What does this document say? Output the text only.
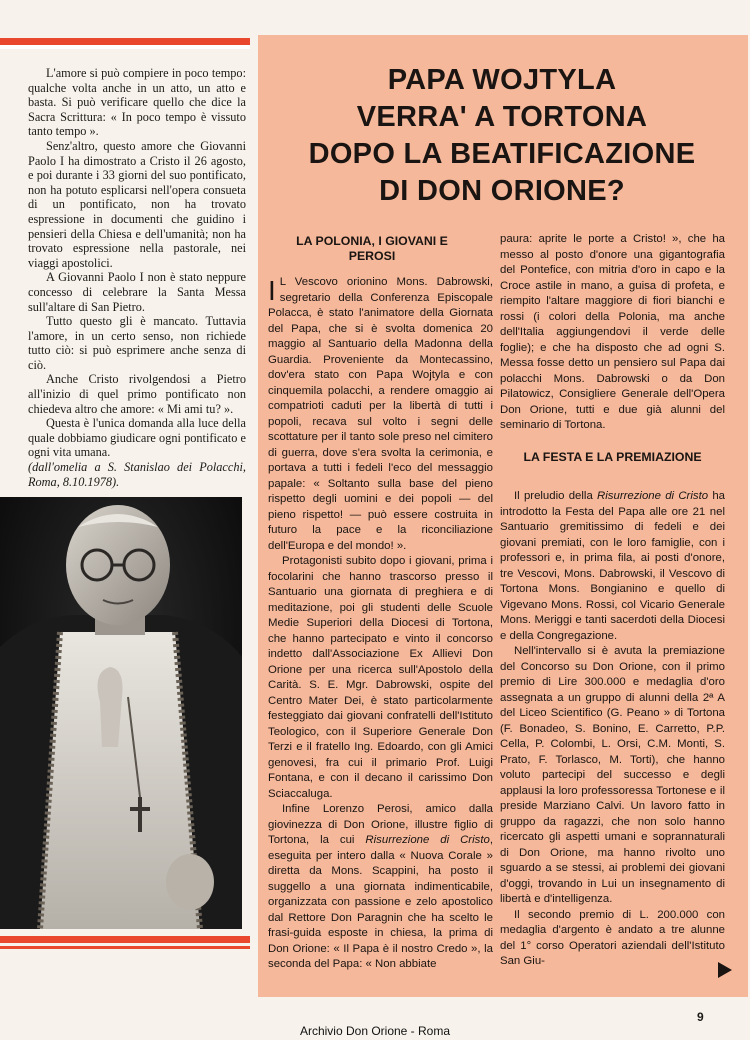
L'amore si può compiere in poco tempo: qualche volta anche in un atto, un atto e basta. Si può verificare quello che dice la Sacra Scrittura: « In poco tempo è vissuto tanto tempo ».

Senz'altro, questo amore che Giovanni Paolo I ha dimostrato a Cristo il 26 agosto, e poi durante i 33 giorni del suo pontificato, non ha potuto esplicarsi nell'opera consueta di un pontificato, non ha trovato espressione in documenti che guidino i pensieri della Chiesa e dell'umanità; non ha trovato espressione nella pastorale, nei viaggi apostolici.

A Giovanni Paolo I non è stato neppure concesso di celebrare la Santa Messa sull'altare di San Pietro.

Tutto questo gli è mancato. Tuttavia l'amore, in un certo senso, non richiede tutto ciò: si può esprimere anche senza di ciò.

Anche Cristo rivolgendosi a Pietro all'inizio di quel primo pontificato non chiedeva altro che amore: « Mi ami tu? ».

Questa è l'unica domanda alla luce della quale dobbiamo giudicare ogni pontificato e ogni vita umana.

(dall'omelia a S. Stanislao dei Polacchi, Roma, 8.10.1978).

PAPA WOJTYLA
VERRA' A TORTONA
DOPO LA BEATIFICAZIONE
DI DON ORIONE?
LA POLONIA, I GIOVANI E PEROSI

I L Vescovo orionino Mons. Dabrowski, segretario della Conferenza Episcopale Polacca, è stato l'animatore della Giornata del Papa, che si è svolta domenica 20 maggio al Santuario della Madonna della Guardia. Proveniente da Montecassino, dov'era stato con Papa Wojtyla e con cinquemila polacchi, a rendere omaggio ai compatrioti caduti per la libertà di tutti i popoli, recava sul volto i segni delle scottature per il tanto sole preso nel cimitero di guerra, dove s'era svolta la cerimonia, e portava a tutti i fedeli l'eco del messaggio papale: « Soltanto sulla base del pieno rispetto degli uomini e dei popoli — del pieno rispetto! — può essere costruita in futuro la pace e la riconciliazione dell'Europa e del mondo! ».

Protagonisti subito dopo i giovani, prima i focolarini che hanno trascorso presso il Santuario una giornata di preghiera e di meditazione, poi gli studenti delle Scuole Medie Superiori della Diocesi di Tortona, che hanno partecipato e vinto il concorso indetto dall'Associazione Ex Allievi Don Orione per una ricerca sull'Apostolo della Carità. S. E. Mgr. Dabrowski, ospite del Centro Mater Dei, è stato particolarmente festeggiato dai giovani confratelli dell'Istituto Teologico, con il Superiore Generale Don Terzi e il fratello Ing. Edoardo, con gli Amici genovesi, fra cui il primario Prof. Luigi Fontana, e con il decano il carissimo Don Sciaccaluga.

Infine Lorenzo Perosi, amico dalla giovinezza di Don Orione, illustre figlio di Tortona, la cui Risurrezione di Cristo, eseguita per intero dalla « Nuova Corale » diretta da Mons. Scappini, ha posto il suggello a una giornata indimenticabile, organizzata con passione e zelo apostolico dal Rettore Don Paragnin che ha scelto le frasi-guida esposte in chiesa, la prima di Don Orione: « Il Papa è il nostro Credo », la seconda del Papa: « Non abbiate

paura: aprite le porte a Cristo! », che ha messo al posto d'onore una gigantografia del Pontefice, con mitria d'oro in capo e la Croce astile in mano, a guisa di profeta, e riempito l'altare maggiore di fiori bianchi e rossi (i colori della Polonia, ma anche dell'Italia aggiungendovi il verde delle foglie); e che ha disposto che ad ogni S. Messa fosse detto un pensiero sul Papa dai polacchi Mons. Dabrowski o da Don Pilatowicz, Consigliere Generale dell'Opera Don Orione, tutti e due già alunni del seminario di Tortona.

LA FESTA E LA PREMIAZIONE

Il preludio della Risurrezione di Cristo ha introdotto la Festa del Papa alle ore 21 nel Santuario gremitissimo di fedeli e dei giovani premiati, con le loro famiglie, con i professori e, in prima fila, ai posti d'onore, tre Vescovi, Mons. Dabrowski, il Vescovo di Tortona Mons. Bongianino e quello di Vigevano Mons. Rossi, col Vicario Generale Mons. Meriggi e tanti sacerdoti della Diocesi e della Congregazione.

Nell'intervallo si è avuta la premiazione del Concorso su Don Orione, con il primo premio di Lire 300.000 e medaglia d'oro assegnata a un gruppo di alunni della 2ª A del Liceo Scientifico (G. Peano » di Tortona (F. Bonadeo, S. Bonino, E. Carretto, P.P. Cella, P. Colombi, L. Orsi, C.M. Monti, S. Prato, F. Torlasco, M. Torti), che hanno voluto partecipi del successo e degli applausi la loro professoressa Tortonese e il preside Marziano Calvi. Un lavoro fatto in gruppo da ragazzi, che non solo hanno ricercato gli aspetti umani e soprannaturali di Don Orione, ma hanno rivolto uno sguardo a se stessi, ai problemi dei giovani d'oggi, trovando in Lui un insegnamento di libertà e d'intelligenza.

Il secondo premio di L. 200.000 con medaglia d'argento è andato a tre alunne del 1° corso Operatori aziendali dell'Istituto San Giu-

9
Archivio Don Orione - Roma
